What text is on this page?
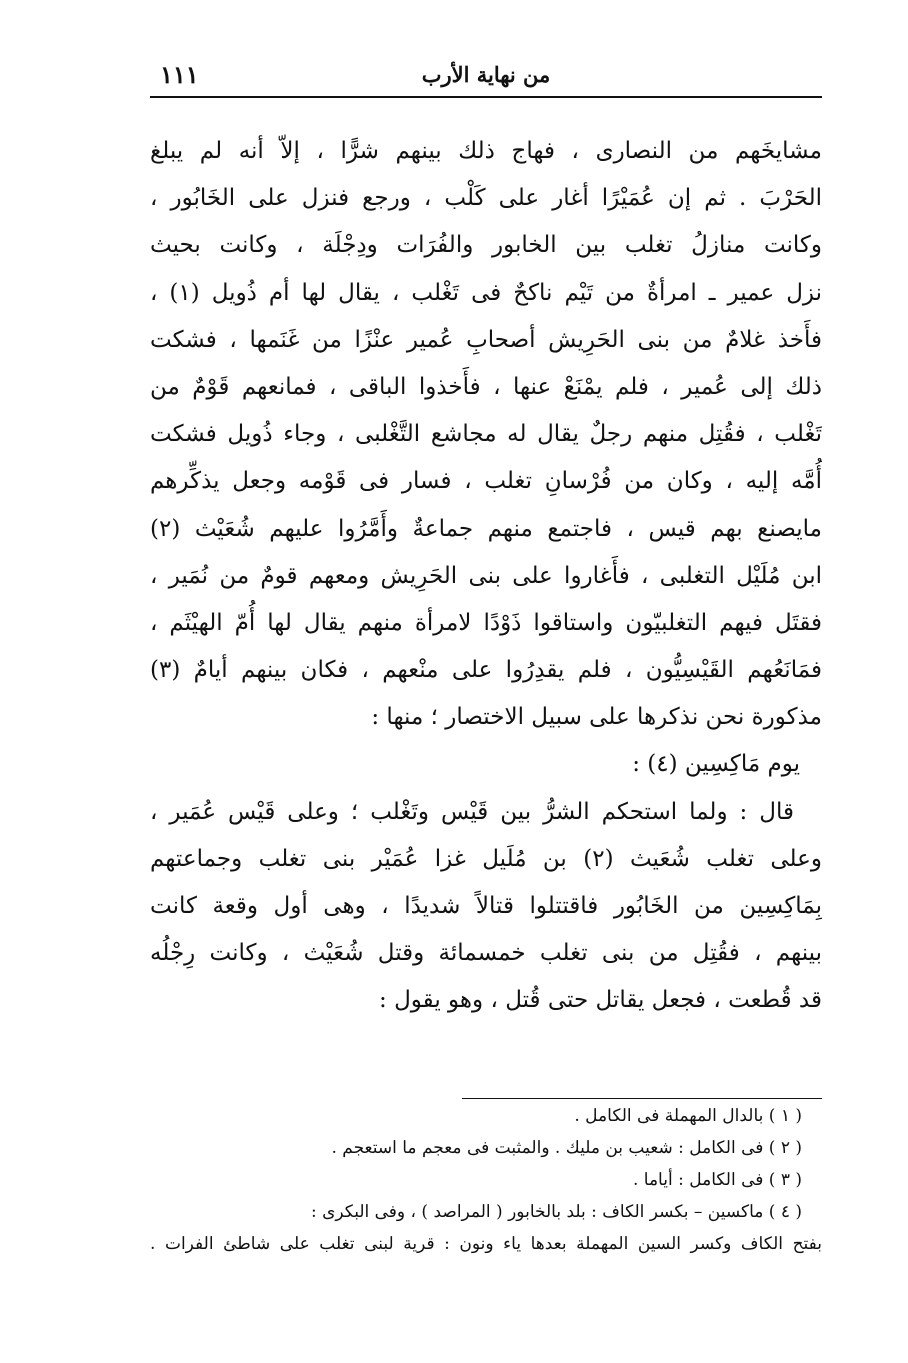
من نهاية الأرب
١١١
مشايخَهم من النصارى ، فهاج ذلك بينهم شرًّا ، إلاّ أنه لم يبلغ
الحَرْبَ . ثم إن عُمَيْرًا أغار على كَلْب ، ورجع فنزل على الخَابُور ،
وكانت منازلُ تغلب بين الخابور والفُرَات ودِجْلَة ، وكانت بحيث
نزل عمير ـ امرأةٌ من تَيْم ناكحٌ فى تَغْلب ، يقال لها أم ذُويل (١) ،
فأَخذ غلامٌ من بنى الحَرِيش أصحابِ عُمير عنْزًا من غَنَمها ، فشكت
ذلك إلى عُمير ، فلم يمْنَعْ عنها ، فأَخذوا الباقى ، فمانعهم قَوْمٌ من
تَغْلب ، فقُتِل منهم رجلٌ يقال له مجاشع التَّغْلبى ، وجاء ذُويل فشكت
أُمَّه إليه ، وكان من فُرْسانِ تغلب ، فسار فى قَوْمه وجعل يذكِّرهم
مايصنع بهم قيس ، فاجتمع منهم جماعةٌ وأَمَّرُوا عليهم شُعَيْث (٢)
ابن مُلَيْل التغلبى ، فأَغاروا على بنى الحَرِيش ومعهم قومٌ من نُمَير ،
فقتَل فيهم التغلبيّون واستاقوا ذَوْدًا لامرأة منهم يقال لها أُمّ الهيْثَم ،
فمَانَعُهم القَيْسِيُّون ، فلم يقدِرُوا على منْعهم ، فكان بينهم أيامٌ (٣)
مذكورة نحن نذكرها على سبيل الاختصار ؛ منها :
يوم مَاكِسِين (٤) :
قال : ولما استحكم الشرُّ بين قَيْس وتَغْلب ؛ وعلى قَيْس عُمَير ،
وعلى تغلب شُعَيث (٢) بن مُلَيل غزا عُمَيْر بنى تغلب وجماعتهم
بِمَاكِسِين من الخَابُور فاقتتلوا قتالاً شديدًا ، وهى أول وقعة كانت
بينهم ، فقُتِل من بنى تغلب خمسمائة وقتل شُعَيْث ، وكانت رِجْلُه
قد قُطعت ، فجعل يقاتل حتى قُتل ، وهو يقول :
( ١ ) بالدال المهملة فى الكامل .
( ٢ ) فى الكامل : شعيب بن مليك . والمثبت فى معجم ما استعجم .
( ٣ ) فى الكامل : أياما .
( ٤ ) ماكسين – بكسر الكاف : بلد بالخابور ( المراصد ) ، وفى البكرى :
بفتح الكاف وكسر السين المهملة بعدها ياء ونون : قرية لبنى تغلب على شاطئ الفرات .
